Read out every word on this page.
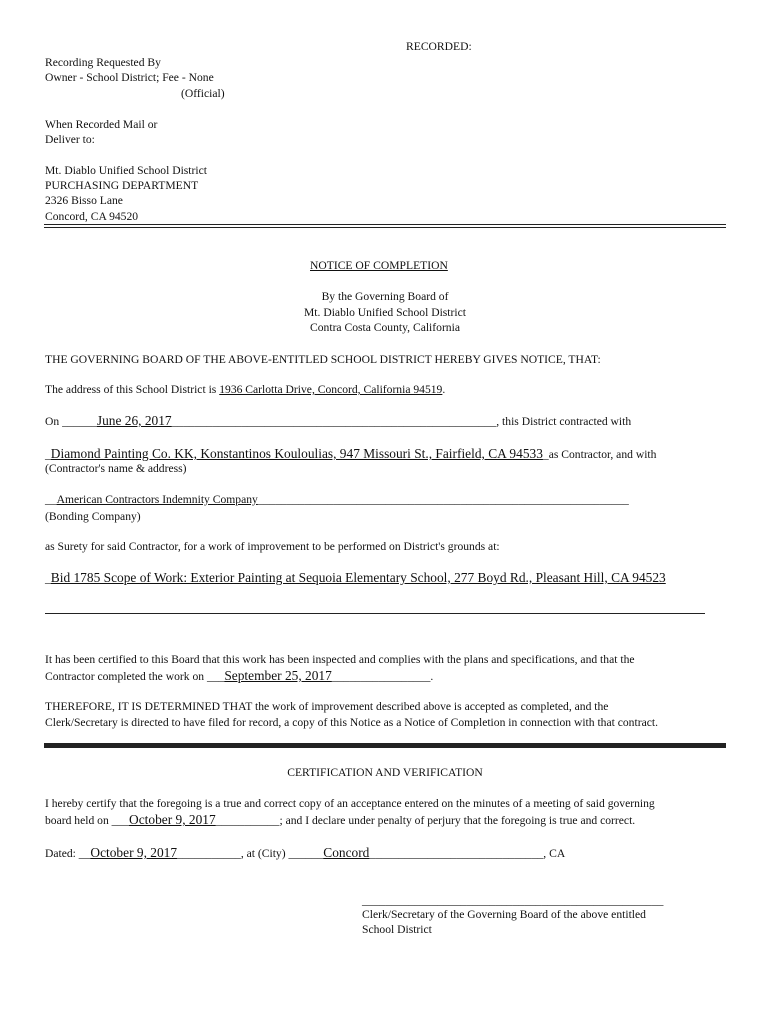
RECORDED:
Recording Requested By
Owner - School District; Fee - None
(Official)
When Recorded Mail or
Deliver to:
Mt. Diablo Unified School District
PURCHASING DEPARTMENT
2326 Bisso Lane
Concord, CA 94520
NOTICE OF COMPLETION
By the Governing Board of
Mt. Diablo Unified School District
Contra Costa County, California
THE GOVERNING BOARD OF THE ABOVE-ENTITLED SCHOOL DISTRICT HEREBY GIVES NOTICE, THAT:
The address of this School District is 1936 Carlotta Drive, Concord, California 94519.
On ______June 26, 2017________________________________________________________, this District contracted with
_Diamond Painting Co. KK, Konstantinos Kouloulias, 947 Missouri St., Fairfield, CA 94533_as Contractor, and with
(Contractor's name & address)
__American Contractors Indemnity Company________________________________________________________________
(Bonding Company)
as Surety for said Contractor, for a work of improvement to be performed on District's grounds at:
_Bid 1785 Scope of Work: Exterior Painting at Sequoia Elementary School, 277 Boyd Rd., Pleasant Hill, CA 94523
It has been certified to this Board that this work has been inspected and complies with the plans and specifications, and that the
Contractor completed the work on ___September 25, 2017_________________.
THEREFORE, IT IS DETERMINED THAT the work of improvement described above is accepted as completed, and the
Clerk/Secretary is directed to have filed for record, a copy of this Notice as a Notice of Completion in connection with that contract.
CERTIFICATION AND VERIFICATION
I hereby certify that the foregoing is a true and correct copy of an acceptance entered on the minutes of a meeting of said governing
board held on ___October 9, 2017___________; and I declare under penalty of perjury that the foregoing is true and correct.
Dated: __October 9, 2017___________, at (City) ______Concord______________________________, CA
____________________________________________________
Clerk/Secretary of the Governing Board of the above entitled
School District
